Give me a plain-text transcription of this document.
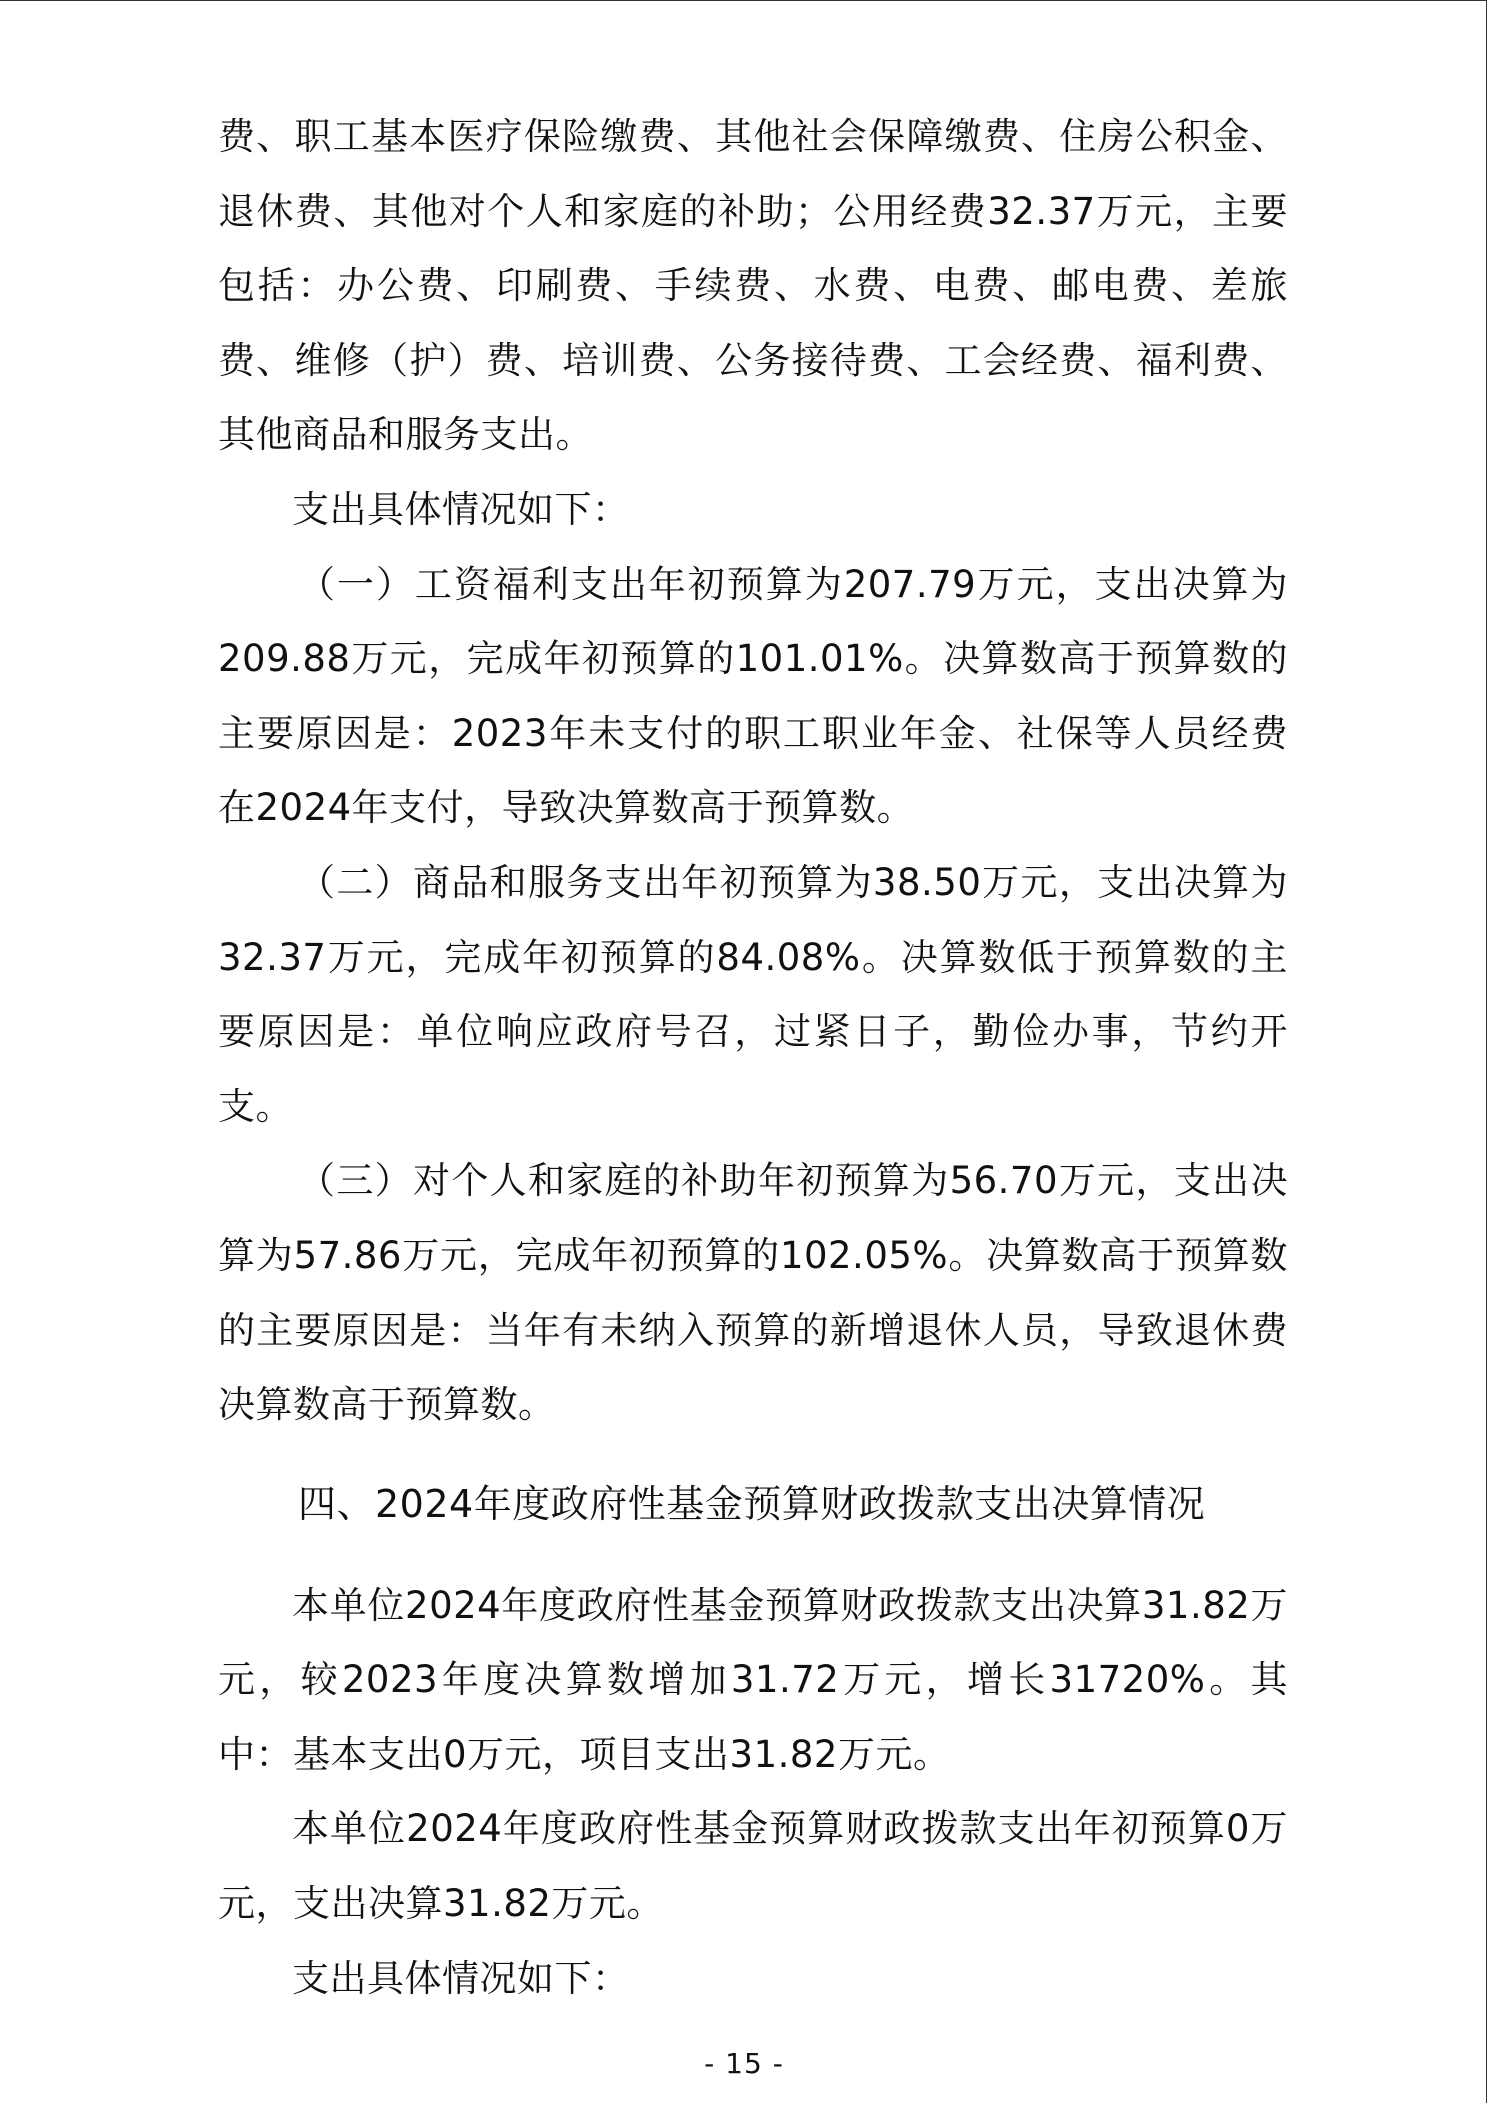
费、职工基本医疗保险缴费、其他社会保障缴费、住房公积金、退休费、其他对个人和家庭的补助；公用经费32.37万元，主要包括：办公费、印刷费、手续费、水费、电费、邮电费、差旅费、维修（护）费、培训费、公务接待费、工会经费、福利费、其他商品和服务支出。

支出具体情况如下：

（一）工资福利支出年初预算为207.79万元，支出决算为209.88万元，完成年初预算的101.01%。决算数高于预算数的主要原因是：2023年未支付的职工职业年金、社保等人员经费在2024年支付，导致决算数高于预算数。

（二）商品和服务支出年初预算为38.50万元，支出决算为32.37万元，完成年初预算的84.08%。决算数低于预算数的主要原因是：单位响应政府号召，过紧日子，勤俭办事，节约开支。

（三）对个人和家庭的补助年初预算为56.70万元，支出决算为57.86万元，完成年初预算的102.05%。决算数高于预算数的主要原因是：当年有未纳入预算的新增退休人员，导致退休费决算数高于预算数。

四、2024年度政府性基金预算财政拨款支出决算情况

本单位2024年度政府性基金预算财政拨款支出决算31.82万元，较2023年度决算数增加31.72万元，增长31720%。其中：基本支出0万元，项目支出31.82万元。

本单位2024年度政府性基金预算财政拨款支出年初预算0万元，支出决算31.82万元。

支出具体情况如下：

- 15 -
